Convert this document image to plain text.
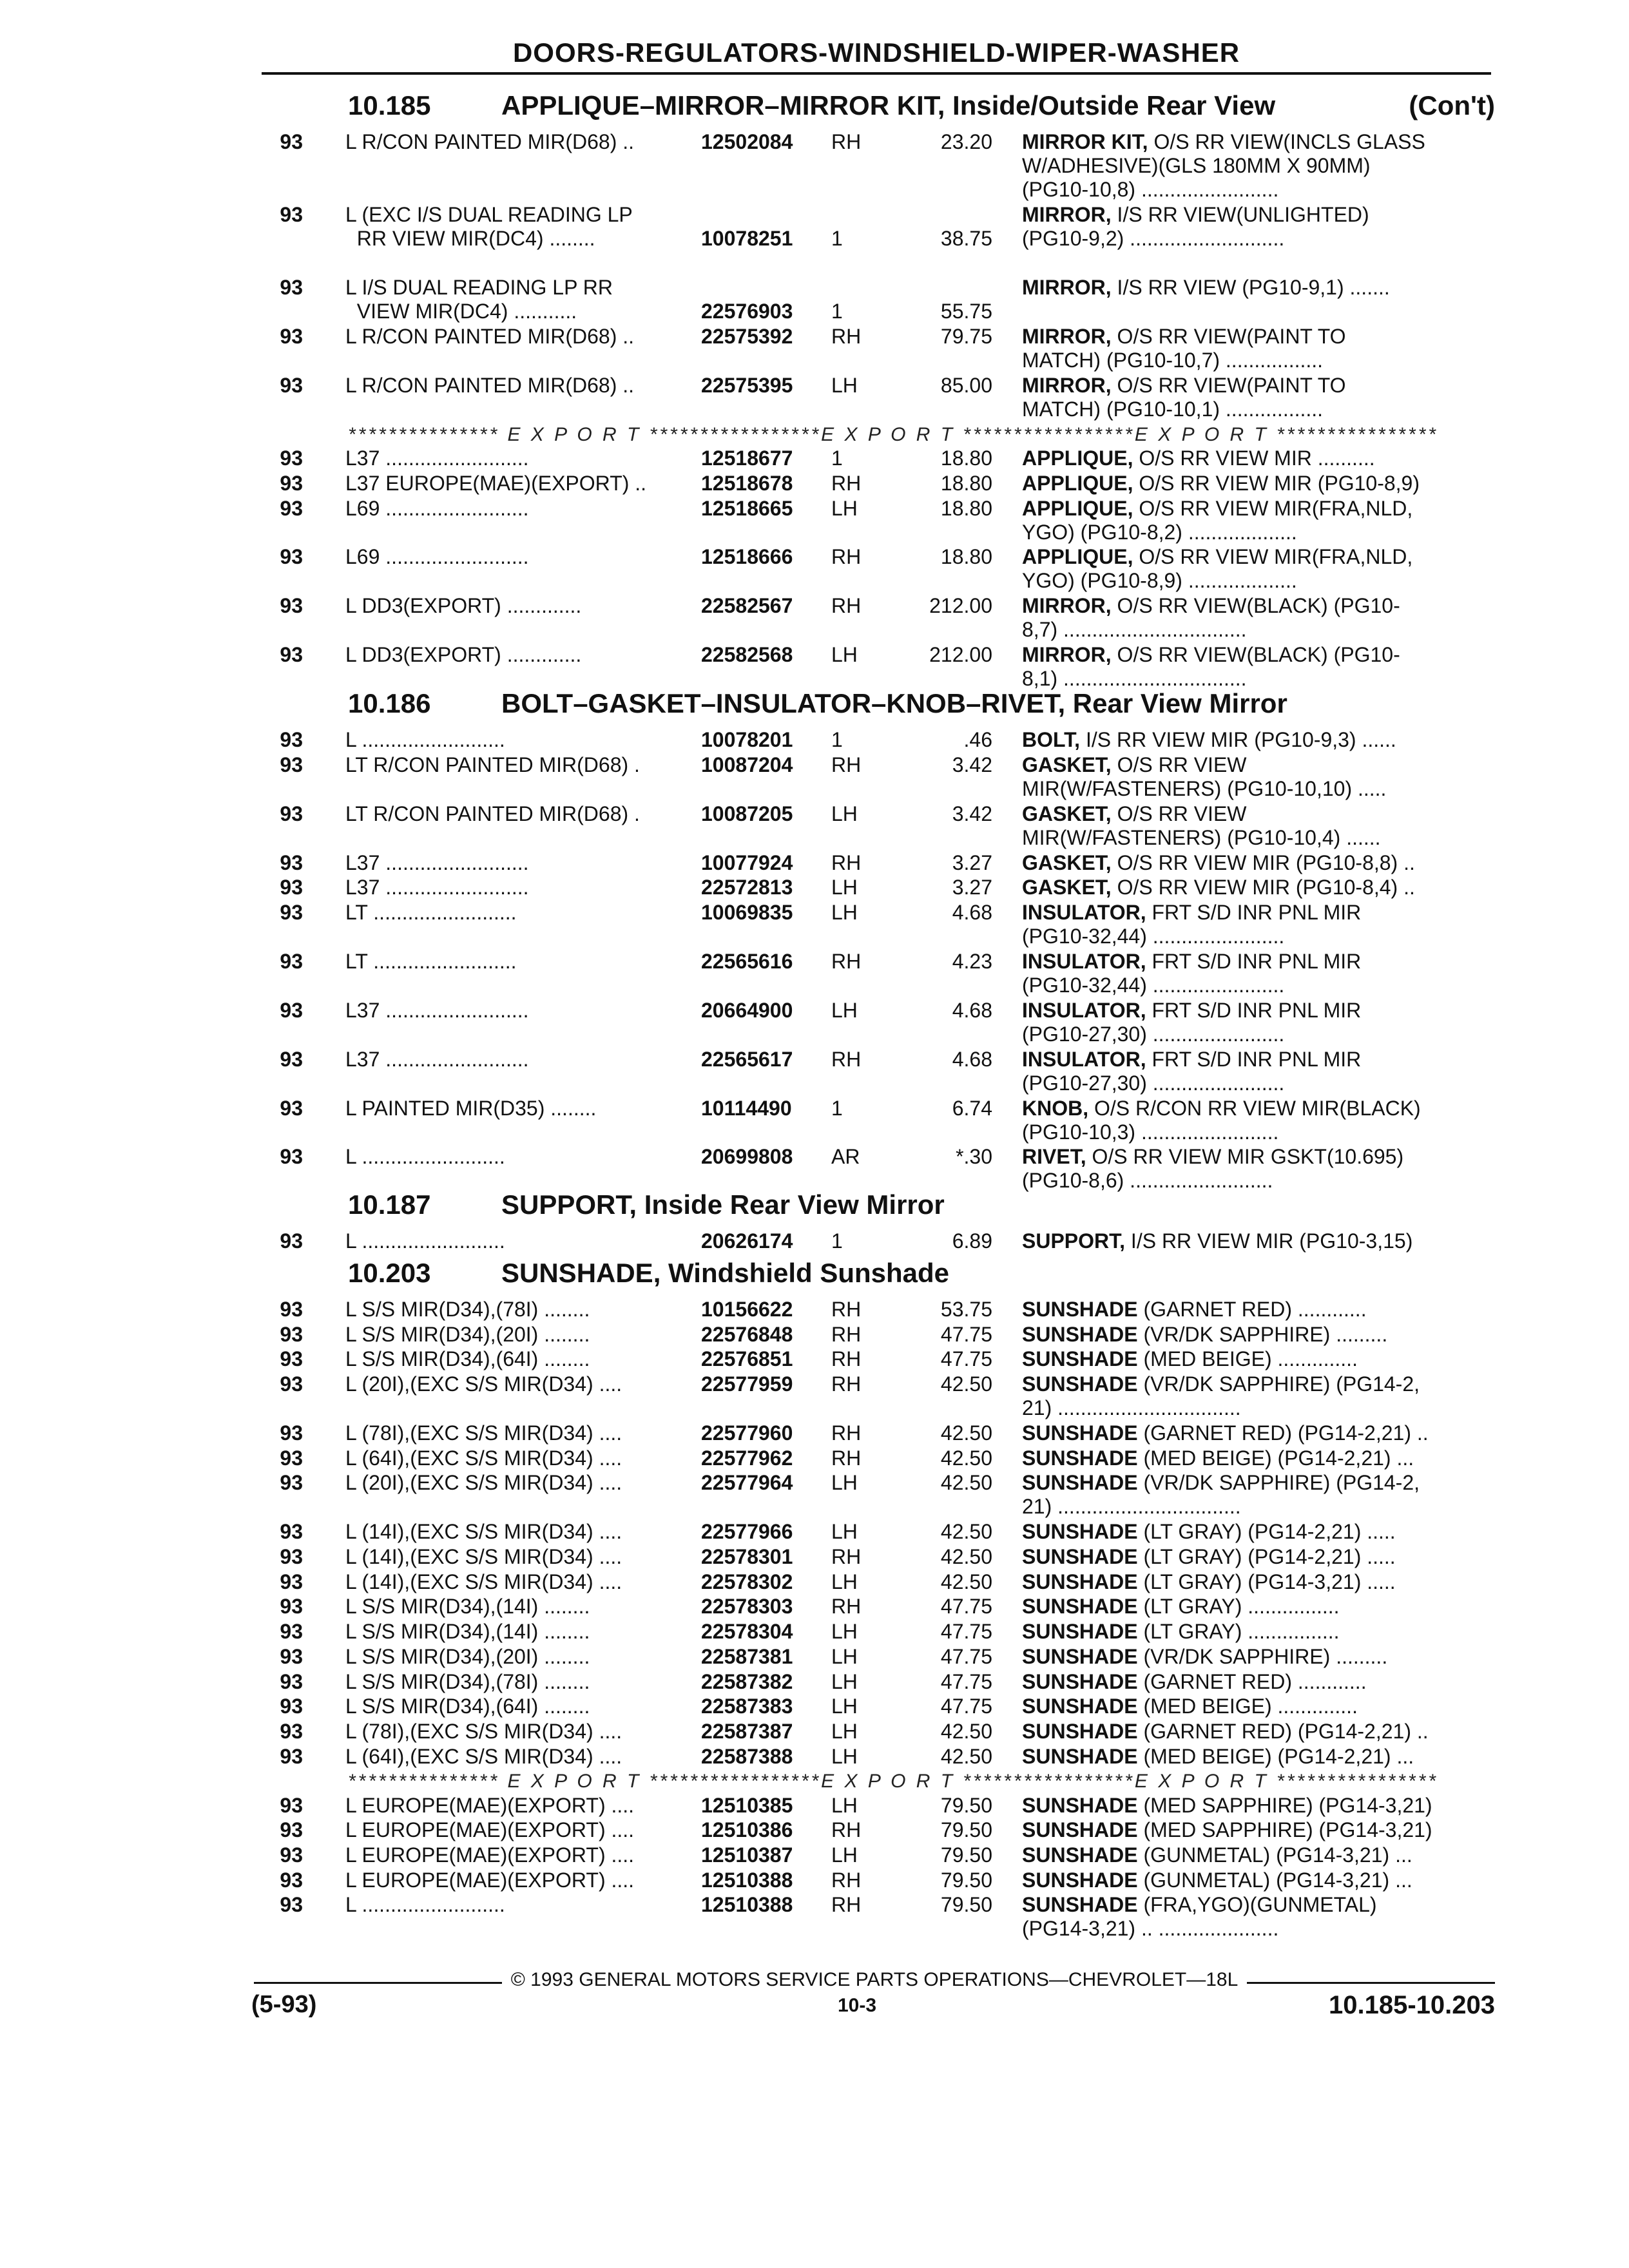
DOORS-REGULATORS-WINDSHIELD-WIPER-WASHER
10.185	APPLIQUE–MIRROR–MIRROR KIT, Inside/Outside Rear View	(Con't)
93 L R/CON PAINTED MIR(D68) ..	12502084	RH	23.20 MIRROR KIT, O/S RR VIEW(INCLS GLASS
W/ADHESIVE)(GLS 180MM X 90MM)
(PG10-10,8) ........................
93 L (EXC I/S DUAL READING LP
RR VIEW MIR(DC4) ........	10078251	1	38.75
MIRROR, I/S RR VIEW(UNLIGHTED)
(PG10-9,2) ...........................
93 L I/S DUAL READING LP RR
VIEW MIR(DC4) ...........	22576903	1	55.75
MIRROR, I/S RR VIEW (PG10-9,1) .......
93 L R/CON PAINTED MIR(D68) ..	22575392	RH	79.75 MIRROR, O/S RR VIEW(PAINT TO
MATCH) (PG10-10,7) .................
93 L R/CON PAINTED MIR(D68) ..	22575395	LH	85.00 MIRROR, O/S RR VIEW(PAINT TO
MATCH) (PG10-10,1) .................
*************** E X P O R T *****************E X P O R T *****************E X P O R T ****************
93 L37 .........................	12518677	1	18.80 APPLIQUE, O/S RR VIEW MIR ..........
93 L37 EUROPE(MAE)(EXPORT) ..	12518678	RH	18.80 APPLIQUE, O/S RR VIEW MIR (PG10-8,9)
93 L69 .........................	12518665	LH	18.80 APPLIQUE, O/S RR VIEW MIR(FRA,NLD,
YGO) (PG10-8,2) ...................
93 L69 .........................	12518666	RH	18.80 APPLIQUE, O/S RR VIEW MIR(FRA,NLD,
YGO) (PG10-8,9) ...................
93 L DD3(EXPORT) .............	22582567	RH	212.00 MIRROR, O/S RR VIEW(BLACK) (PG10-
8,7) ................................
93 L DD3(EXPORT) .............	22582568	LH	212.00 MIRROR, O/S RR VIEW(BLACK) (PG10-
8,1) ................................
10.186	BOLT–GASKET–INSULATOR–KNOB–RIVET, Rear View Mirror
93 L .........................	10078201	1	.46 BOLT, I/S RR VIEW MIR (PG10-9,3) ......
93 LT R/CON PAINTED MIR(D68) .	10087204	RH	3.42 GASKET, O/S RR VIEW
MIR(W/FASTENERS) (PG10-10,10) .....
93 LT R/CON PAINTED MIR(D68) .	10087205	LH	3.42 GASKET, O/S RR VIEW
MIR(W/FASTENERS) (PG10-10,4) ......
93 L37 .........................	10077924	RH	3.27 GASKET, O/S RR VIEW MIR (PG10-8,8) ..
93 L37 .........................	22572813	LH	3.27 GASKET, O/S RR VIEW MIR (PG10-8,4) ..
93 LT .........................	10069835	LH	4.68 INSULATOR, FRT S/D INR PNL MIR
(PG10-32,44) .......................
93 LT .........................	22565616	RH	4.23 INSULATOR, FRT S/D INR PNL MIR
(PG10-32,44) .......................
93 L37 .........................	20664900	LH	4.68 INSULATOR, FRT S/D INR PNL MIR
(PG10-27,30) .......................
93 L37 .........................	22565617	RH	4.68 INSULATOR, FRT S/D INR PNL MIR
(PG10-27,30) .......................
93 L PAINTED MIR(D35) ........	10114490	1	6.74 KNOB, O/S R/CON RR VIEW MIR(BLACK)
(PG10-10,3) ........................
93 L .........................	20699808	AR	*.30 RIVET, O/S RR VIEW MIR GSKT(10.695)
(PG10-8,6) .........................
10.187	SUPPORT, Inside Rear View Mirror
93 L .........................	20626174	1	6.89 SUPPORT, I/S RR VIEW MIR (PG10-3,15)
10.203	SUNSHADE, Windshield Sunshade
93 L S/S MIR(D34),(78I) ........	10156622	RH	53.75 SUNSHADE (GARNET RED) ............
93 L S/S MIR(D34),(20I) ........	22576848	RH	47.75 SUNSHADE (VR/DK SAPPHIRE) .........
93 L S/S MIR(D34),(64I) ........	22576851	RH	47.75 SUNSHADE (MED BEIGE) ..............
93 L (20I),(EXC S/S MIR(D34) ....	22577959	RH	42.50 SUNSHADE (VR/DK SAPPHIRE) (PG14-2,
21) ................................
93 L (78I),(EXC S/S MIR(D34) ....	22577960	RH	42.50 SUNSHADE (GARNET RED) (PG14-2,21) ..
93 L (64I),(EXC S/S MIR(D34) ....	22577962	RH	42.50 SUNSHADE (MED BEIGE) (PG14-2,21) ...
93 L (20I),(EXC S/S MIR(D34) ....	22577964	LH	42.50 SUNSHADE (VR/DK SAPPHIRE) (PG14-2,
21) ................................
93 L (14I),(EXC S/S MIR(D34) ....	22577966	LH	42.50 SUNSHADE (LT GRAY) (PG14-2,21) .....
93 L (14I),(EXC S/S MIR(D34) ....	22578301	RH	42.50 SUNSHADE (LT GRAY) (PG14-2,21) .....
93 L (14I),(EXC S/S MIR(D34) ....	22578302	LH	42.50 SUNSHADE (LT GRAY) (PG14-3,21) .....
93 L S/S MIR(D34),(14I) ........	22578303	RH	47.75 SUNSHADE (LT GRAY) ................
93 L S/S MIR(D34),(14I) ........	22578304	LH	47.75 SUNSHADE (LT GRAY) ................
93 L S/S MIR(D34),(20I) ........	22587381	LH	47.75 SUNSHADE (VR/DK SAPPHIRE) .........
93 L S/S MIR(D34),(78I) ........	22587382	LH	47.75 SUNSHADE (GARNET RED) ............
93 L S/S MIR(D34),(64I) ........	22587383	LH	47.75 SUNSHADE (MED BEIGE) ..............
93 L (78I),(EXC S/S MIR(D34) ....	22587387	LH	42.50 SUNSHADE (GARNET RED) (PG14-2,21) ..
93 L (64I),(EXC S/S MIR(D34) ....	22587388	LH	42.50 SUNSHADE (MED BEIGE) (PG14-2,21) ...
*************** E X P O R T *****************E X P O R T *****************E X P O R T ****************
93 L EUROPE(MAE)(EXPORT) ....	12510385	LH	79.50 SUNSHADE (MED SAPPHIRE) (PG14-3,21)
93 L EUROPE(MAE)(EXPORT) ....	12510386	RH	79.50 SUNSHADE (MED SAPPHIRE) (PG14-3,21)
93 L EUROPE(MAE)(EXPORT) ....	12510387	LH	79.50 SUNSHADE (GUNMETAL) (PG14-3,21) ...
93 L EUROPE(MAE)(EXPORT) ....	12510388	RH	79.50 SUNSHADE (GUNMETAL) (PG14-3,21) ...
93 L .........................	12510388	RH	79.50 SUNSHADE (FRA,YGO)(GUNMETAL)
(PG14-3,21) .. .....................
© 1993 GENERAL MOTORS SERVICE PARTS OPERATIONS—CHEVROLET—18L
(5-93)	10-3	10.185-10.203
